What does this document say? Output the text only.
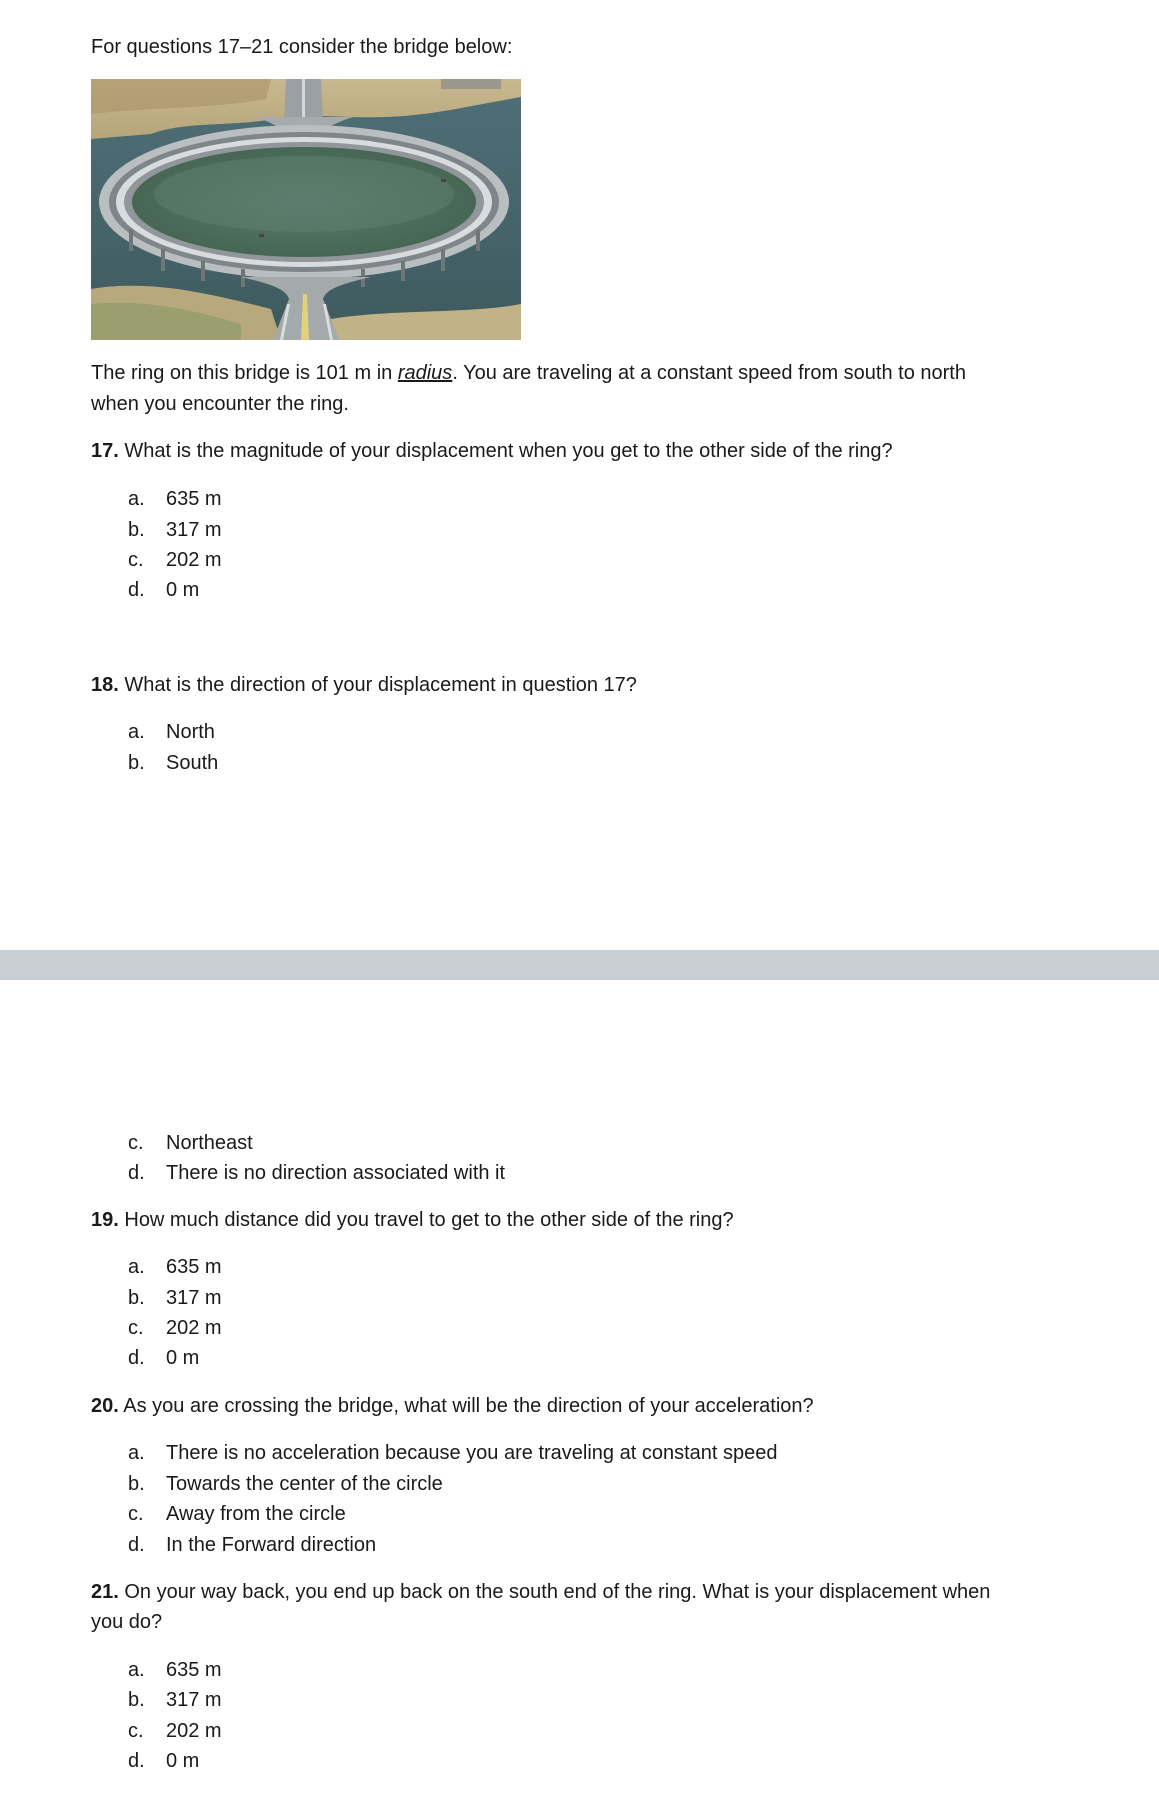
For questions 17–21 consider the bridge below:
The ring on this bridge is 101 m in radius. You are traveling at a constant speed from south to north
when you encounter the ring.
17. What is the magnitude of your displacement when you get to the other side of the ring?
a.	635 m
b.	317 m
c.	202 m
d.	0 m
18. What is the direction of your displacement in question 17?
a.	North
b.	South
c.	Northeast
d.	There is no direction associated with it
19. How much distance did you travel to get to the other side of the ring?
a.	635 m
b.	317 m
c.	202 m
d.	0 m
20. As you are crossing the bridge, what will be the direction of your acceleration?
a.	There is no acceleration because you are traveling at constant speed
b.	Towards the center of the circle
c.	Away from the circle
d.	In the Forward direction
21. On your way back, you end up back on the south end of the ring. What is your displacement when
you do?
a.	635 m
b.	317 m
c.	202 m
d.	0 m
